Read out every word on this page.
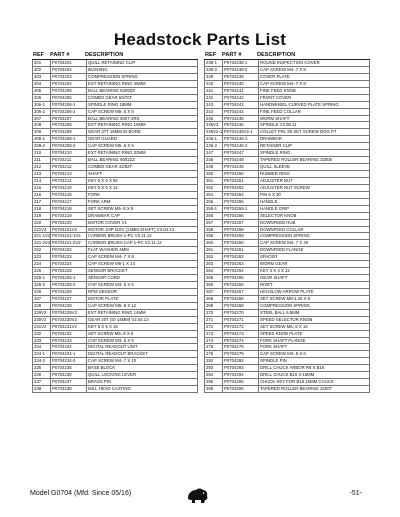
Headstock Parts List
REF	PART #	DESCRIPTION
201	P0704201	QUILL RETAINING CLIP
202	P0704202	BUSHING
203	P0704203	COMPRESSION SPRING
204	P0704204	EXT RETAINING RING 45MM
205	P0704205	BALL BEARING 6209ZZ
206	P0704206	COMBO GEAR 60/70T
206-1	P0704206-1	SPINDLE RING 18MM
206-2	P0704206-2	CAP SCREW M5-.5 X 8
207	P0704207	BALL BEARING 6007-2RS
208	P0704208	EXT RETAINING RING 15MM
209	P0704209	GEAR 37T 15MM ID BORE
209-1	P0704209-1	GEAR GUARD
209-2	P0704209-2	CAP SCREW M5-.5 X 6
210	P0704210	EXT RETAINING RING 32MM
211	P0704211	BALL BEARING 6002ZZ
212	P0704212	COMBO GEAR 42/82T
213	P0704213	SHAFT
214	P0704214	KEY 5 X 5 X 50
215	P0704215	KEY 5 X 5 X 12
216	P0704216	FORK
217	P0704217	FORK ARM
218	P0704218	SET SCREW M5-.8 X 8
219	P0704219	DRAWBAR CAP
220	P0704220	MOTOR COVER V1
221V3	P0704221V3	MOTOR 1HP 110V (14MM SHAFT) V3.04.13
221-1V2 P0704221-1V2	CARBON BRUSH 1-PC V2.11.12
221-2V2 P0704221-2V2	CARBON BRUSH CAP 1-PC V2.11.12
222	P0704222	FLAT WASHER 4MM
223	P0704223	CAP SCREW M4-.7 X 8
224	P0704224	CAP SCREW M6-1 X 14
225	P0704225	SENSOR BRACKET
225-1	P0704225-1	SENSOR CORD
225-2	P0704225-2	CAP SCREW M3-.5 X 6
226	P0704226	RPM SENSOR
227	P0704227	MOTOR PLATE
228	P0704228	CAP SCREW M5-.8 X 12
229V2	P0704229V2	EXT RETAINING RING 14MM
230V2	P0704230V2	GEAR 20T (ID 14MM) V2.04.13
231V2	P0704231V2	KEY 5 X 5 X 15
232	P0704232	SET SCREW M5-.8 X 6
233	P0704233	CAP SCREW M3-.5 X 6
234	P0704234	DIGITAL READOUT UNIT
234-1	P0704234-1	DIGITAL READOUT BRACKET
234-2	P0704234-2	CAP SCREW M4-.7 X 10
235	P0704235	BASE BLOCK
236	P0704236	QUILL LOCKING LEVER
237	P0704237	BRASS PIN
238	P0704238	MILL HEAD CASTING
REF	PART #	DESCRIPTION
238-1	P0704238-1	ROUND INSPECTION COVER
238-2	P0704238-2	CAP SCREW M4-.7 X 8
239	P0704239	COVER PLATE
240	P0704240	CAP SCREW M4-.7 X 8
241	P0704241	FINE FEED KNOB
242	P0704242	FRONT COVER
243	P0704243	HANDWHEEL CURVED PLATE SPRING
244	P0704244	FINE FEED COLLAR
245	P0704245	WORM SHAFT
246V2	P0704246	SPINDLE V2.08.11
246V2-1 P0704246V2-1	COLLET PIN, MI SET SCREW DOG PT
246-1	P0704246-1	DRAWBAR
246-2	P0704246-2	RETAINER CLIP
247	P0704247	SPINDLE RING
248	P0704248	TAPERED ROLLER BEARING 32005
249	P0704249	QUILL SLEEVE
250	P0704250	RUBBER RING
251	P0704251	ADJUSTER NUT
252	P0704252	ADJUSTER NUT SCREW
254	P0704254	PIN 6 X 30
255	P0704255	HANDLE
255-1	P0704255-1	HANDLE GRIP
256	P0704256	SELECTOR KNOB
257	P0704257	DOWNFEED HUB
258	P0704258	DOWNFEED COLLAR
259	P0704259	COMPRESSION SPRING
260	P0704260	CAP SCREW M4-.7 X 40
261	P0704261	DOWNFEED FLANGE
262	P0704262	SPACER
263	P0704263	WORM GEAR
264	P0704264	KEY 4 X 4 X 12
265	P0704265	GEAR SHAFT
266	P0704266	RIVET
267	P0704267	HIGH/LOW ARROW PLATE
268	P0704268	SET SCREW M8-1.25 X 8
269	P0704269	COMPRESSION SPRING
270	P0704270	STEEL BALL 6.5MM
271	P0704271	SPEED SELECTOR KNOB
272	P0704272	SET SCREW M5-.8 X 16
273	P0704273	SPEED KNOB PLATE
274	P0704274	FORK SHAFT FLANGE
275	P0704275	FORK SHAFT
276	P0704276	CAP SCREW M3-.5 X 6
292	P0704292	SPINDLE PIN
293	P0704293	DRILL CHUCK ARBOR R8 X B16
294	P0704294	DRILL CHUCK B16 3-16MM
295	P0704295	CHUCK KEY FOR B16 16MM CHUCK
296	P0704296	TAPERED ROLLER BEARING 32007
Model G0704 (Mfd. Since 05/16)	-51-
